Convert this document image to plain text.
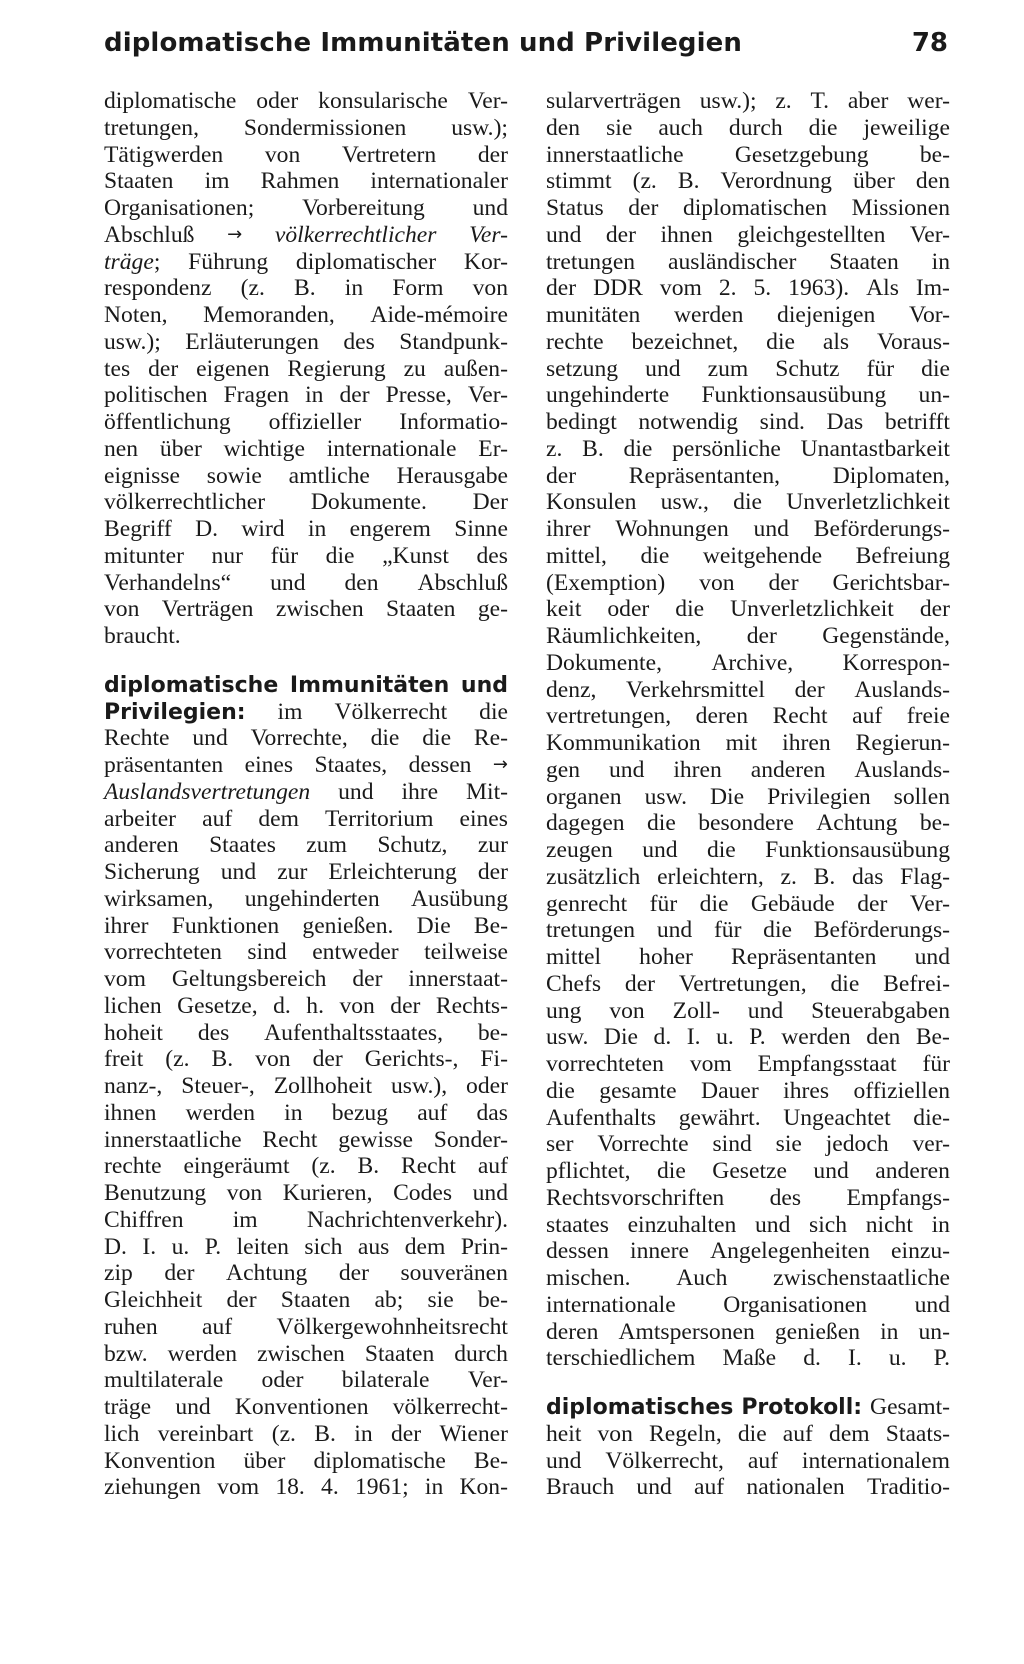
diplomatische Immunitäten und Privilegien	78
diplomatische oder konsularische Ver-
tretungen, Sondermissionen usw.);
Tätigwerden von Vertretern der
Staaten im Rahmen internationaler
Organisationen; Vorbereitung und
Abschluß → völkerrechtlicher Ver-
träge; Führung diplomatischer Kor-
respondenz (z. B. in Form von
Noten, Memoranden, Aide-mémoire
usw.); Erläuterungen des Standpunk-
tes der eigenen Regierung zu außen-
politischen Fragen in der Presse, Ver-
öffentlichung offizieller Informatio-
nen über wichtige internationale Er-
eignisse sowie amtliche Herausgabe
völkerrechtlicher Dokumente. Der
Begriff D. wird in engerem Sinne
mitunter nur für die „Kunst des
Verhandelns“ und den Abschluß
von Verträgen zwischen Staaten ge-
braucht.
diplomatische Immunitäten und
Privilegien: im Völkerrecht die
Rechte und Vorrechte, die die Re-
präsentanten eines Staates, dessen →
Auslandsvertretungen und ihre Mit-
arbeiter auf dem Territorium eines
anderen Staates zum Schutz, zur
Sicherung und zur Erleichterung der
wirksamen, ungehinderten Ausübung
ihrer Funktionen genießen. Die Be-
vorrechteten sind entweder teilweise
vom Geltungsbereich der innerstaat-
lichen Gesetze, d. h. von der Rechts-
hoheit des Aufenthaltsstaates, be-
freit (z. B. von der Gerichts-, Fi-
nanz-, Steuer-, Zollhoheit usw.), oder
ihnen werden in bezug auf das
innerstaatliche Recht gewisse Sonder-
rechte eingeräumt (z. B. Recht auf
Benutzung von Kurieren, Codes und
Chiffren im Nachrichtenverkehr).
D. I. u. P. leiten sich aus dem Prin-
zip der Achtung der souveränen
Gleichheit der Staaten ab; sie be-
ruhen auf Völkergewohnheitsrecht
bzw. werden zwischen Staaten durch
multilaterale oder bilaterale Ver-
träge und Konventionen völkerrecht-
lich vereinbart (z. B. in der Wiener
Konvention über diplomatische Be-
ziehungen vom 18. 4. 1961; in Kon-
sularverträgen usw.); z. T. aber wer-
den sie auch durch die jeweilige
innerstaatliche Gesetzgebung be-
stimmt (z. B. Verordnung über den
Status der diplomatischen Missionen
und der ihnen gleichgestellten Ver-
tretungen ausländischer Staaten in
der DDR vom 2. 5. 1963). Als Im-
munitäten werden diejenigen Vor-
rechte bezeichnet, die als Voraus-
setzung und zum Schutz für die
ungehinderte Funktionsausübung un-
bedingt notwendig sind. Das betrifft
z. B. die persönliche Unantastbarkeit
der Repräsentanten, Diplomaten,
Konsulen usw., die Unverletzlichkeit
ihrer Wohnungen und Beförderungs-
mittel, die weitgehende Befreiung
(Exemption) von der Gerichtsbar-
keit oder die Unverletzlichkeit der
Räumlichkeiten, der Gegenstände,
Dokumente, Archive, Korrespon-
denz, Verkehrsmittel der Auslands-
vertretungen, deren Recht auf freie
Kommunikation mit ihren Regierun-
gen und ihren anderen Auslands-
organen usw. Die Privilegien sollen
dagegen die besondere Achtung be-
zeugen und die Funktionsausübung
zusätzlich erleichtern, z. B. das Flag-
genrecht für die Gebäude der Ver-
tretungen und für die Beförderungs-
mittel hoher Repräsentanten und
Chefs der Vertretungen, die Befrei-
ung von Zoll- und Steuerabgaben
usw. Die d. I. u. P. werden den Be-
vorrechteten vom Empfangsstaat für
die gesamte Dauer ihres offiziellen
Aufenthalts gewährt. Ungeachtet die-
ser Vorrechte sind sie jedoch ver-
pflichtet, die Gesetze und anderen
Rechtsvorschriften des Empfangs-
staates einzuhalten und sich nicht in
dessen innere Angelegenheiten einzu-
mischen. Auch zwischenstaatliche
internationale Organisationen und
deren Amtspersonen genießen in un-
terschiedlichem Maße d. I. u. P.
diplomatisches Protokoll: Gesamt-
heit von Regeln, die auf dem Staats-
und Völkerrecht, auf internationalem
Brauch und auf nationalen Traditio-
